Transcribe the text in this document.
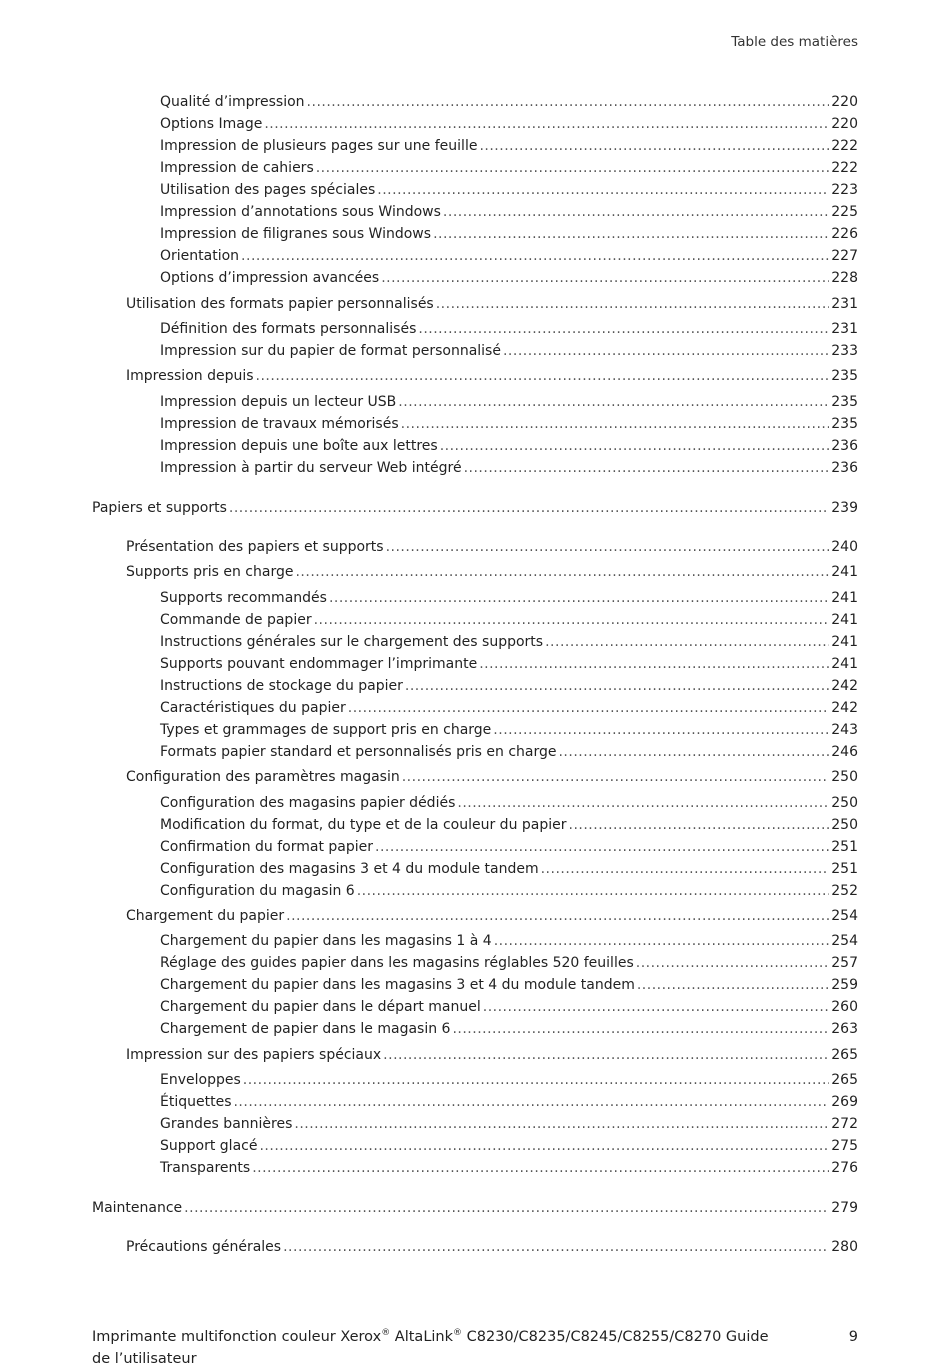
Table des matières
Qualité d’impression .....	220
Options Image .....	220
Impression de plusieurs pages sur une feuille .....	222
Impression de cahiers .....	222
Utilisation des pages spéciales .....	223
Impression d’annotations sous Windows .....	225
Impression de filigranes sous Windows .....	226
Orientation .....	227
Options d’impression avancées .....	228
Utilisation des formats papier personnalisés .....	231
Définition des formats personnalisés .....	231
Impression sur du papier de format personnalisé .....	233
Impression depuis .....	235
Impression depuis un lecteur USB .....	235
Impression de travaux mémorisés .....	235
Impression depuis une boîte aux lettres .....	236
Impression à partir du serveur Web intégré .....	236
Papiers et supports .....	239
Présentation des papiers et supports .....	240
Supports pris en charge .....	241
Supports recommandés .....	241
Commande de papier .....	241
Instructions générales sur le chargement des supports .....	241
Supports pouvant endommager l’imprimante .....	241
Instructions de stockage du papier .....	242
Caractéristiques du papier .....	242
Types et grammages de support pris en charge .....	243
Formats papier standard et personnalisés pris en charge .....	246
Configuration des paramètres magasin .....	250
Configuration des magasins papier dédiés .....	250
Modification du format, du type et de la couleur du papier .....	250
Confirmation du format papier .....	251
Configuration des magasins 3 et 4 du module tandem .....	251
Configuration du magasin 6 .....	252
Chargement du papier .....	254
Chargement du papier dans les magasins 1 à 4 .....	254
Réglage des guides papier dans les magasins réglables 520 feuilles .....	257
Chargement du papier dans les magasins 3 et 4 du module tandem .....	259
Chargement du papier dans le départ manuel .....	260
Chargement de papier dans le magasin 6 .....	263
Impression sur des papiers spéciaux .....	265
Enveloppes .....	265
Étiquettes .....	269
Grandes bannières .....	272
Support glacé .....	275
Transparents .....	276
Maintenance .....	279
Précautions générales .....	280
Imprimante multifonction couleur Xerox® AltaLink® C8230/C8235/C8245/C8255/C8270 Guide de l’utilisateur
9
